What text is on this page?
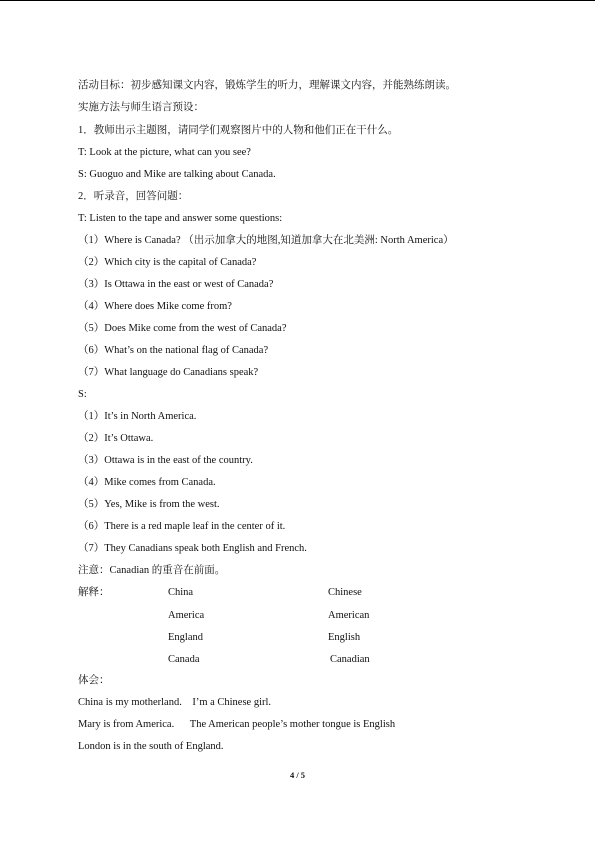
活动目标：初步感知课文内容，锻炼学生的听力，理解课文内容，并能熟练朗读。
实施方法与师生语言预设：
1．教师出示主题图，请同学们观察图片中的人物和他们正在干什么。
T: Look at the picture, what can you see?
S: Guoguo and Mike are talking about Canada.
2．听录音，回答问题：
T: Listen to the tape and answer some questions:
（1）Where is Canada? （出示加拿大的地图,知道加拿大在北美洲: North America）
（2）Which city is the capital of Canada?
（3）Is Ottawa in the east or west of Canada?
（4）Where does Mike come from?
（5）Does Mike come from the west of Canada?
（6）What’s on the national flag of Canada?
（7）What language do Canadians speak?
S:
（1）It’s in North America.
（2）It’s Ottawa.
（3）Ottawa is in the east of the country.
（4）Mike comes from Canada.
（5）Yes, Mike is from the west.
（6）There is a red maple leaf in the center of it.
（7）They Canadians speak both English and French.
注意：Canadian 的重音在前面。
解释：	China	Chinese
America	American
England	English
Canada	Canadian
体会：
China is my motherland.    I’m a Chinese girl.
Mary is from America.      The American people’s mother tongue is English
London is in the south of England.
4 / 5
